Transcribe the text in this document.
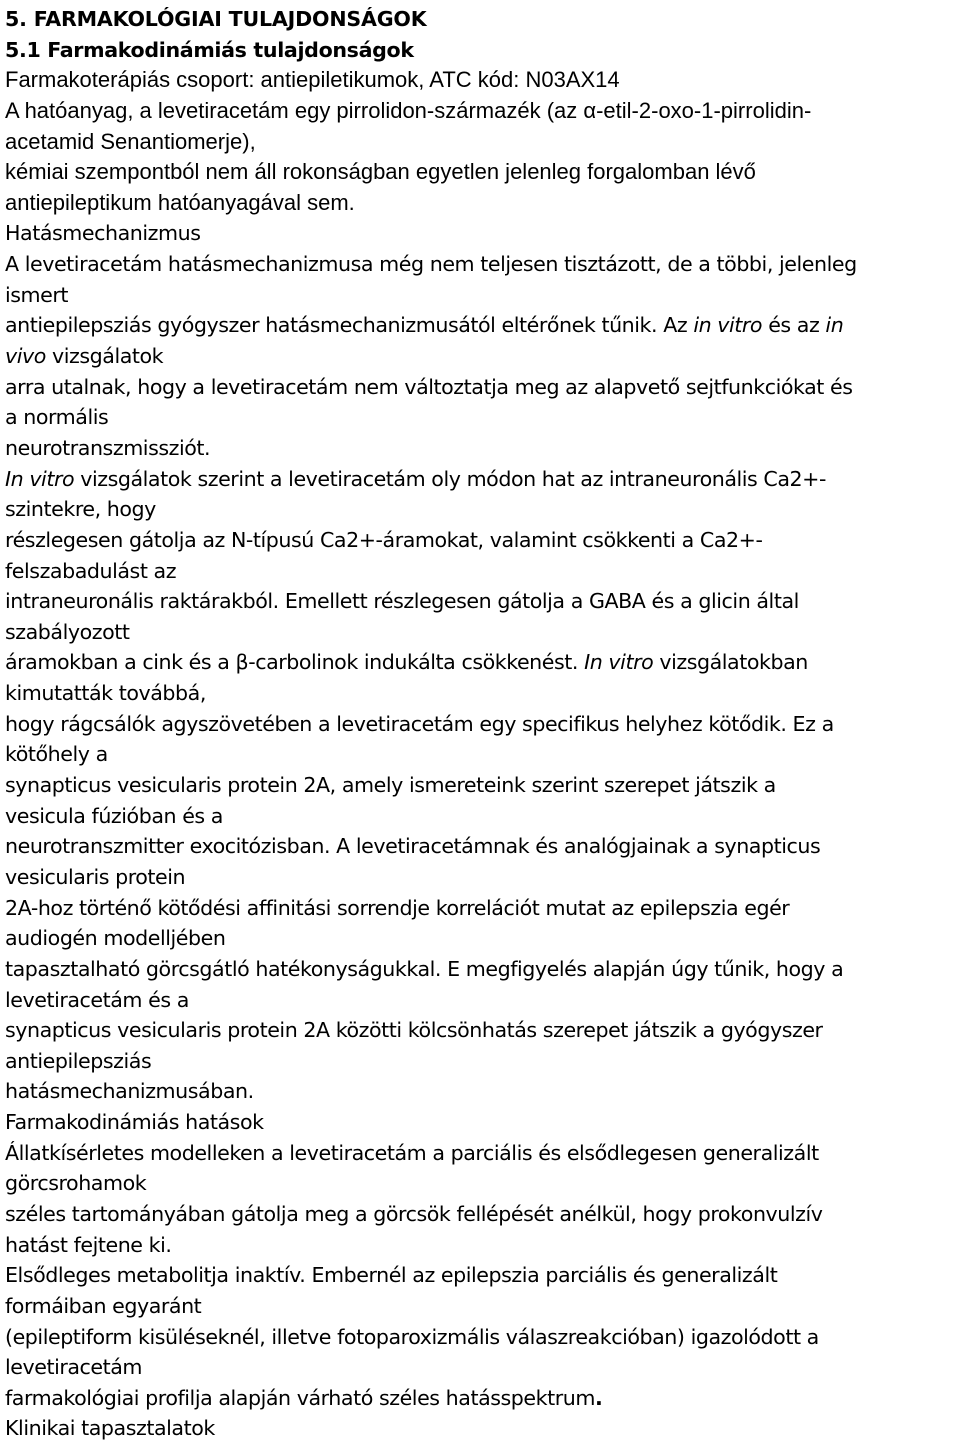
5. FARMAKOLÓGIAI TULAJDONSÁGOK
5.1 Farmakodinámiás tulajdonságok
Farmakoterápiás csoport: antiepiletikumok, ATC kód: N03AX14
A hatóanyag, a levetiracetám egy pirrolidon-származék (az α-etil-2-oxo-1-pirrolidin-
acetamid Senantiomerje),
kémiai szempontból nem áll rokonságban egyetlen jelenleg forgalomban lévő
antiepileptikum hatóanyagával sem.
Hatásmechanizmus
A levetiracetám hatásmechanizmusa még nem teljesen tisztázott, de a többi, jelenleg
ismert
antiepilepsziás gyógyszer hatásmechanizmusától eltérőnek tűnik. Az in vitro és az in
vivo vizsgálatok
arra utalnak, hogy a levetiracetám nem változtatja meg az alapvető sejtfunkciókat és
a normális
neurotranszmissziót.
In vitro vizsgálatok szerint a levetiracetám oly módon hat az intraneuronális Ca2+-
szintekre, hogy
részlegesen gátolja az N-típusú Ca2+-áramokat, valamint csökkenti a Ca2+-
felszabadulást az
intraneuronális raktárakból. Emellett részlegesen gátolja a GABA és a glicin által
szabályozott
áramokban a cink és a β-carbolinok indukálta csökkenést. In vitro vizsgálatokban
kimutatták továbbá,
hogy rágcsálók agyszövetében a levetiracetám egy specifikus helyhez kötődik. Ez a
kötőhely a
synapticus vesicularis protein 2A, amely ismereteink szerint szerepet játszik a
vesicula fúzióban és a
neurotranszmitter exocitózisban. A levetiracetámnak és analógjainak a synapticus
vesicularis protein
2A-hoz történő kötődési affinitási sorrendje korrelációt mutat az epilepszia egér
audiogén modelljében
tapasztalható görcsgátló hatékonyságukkal. E megfigyelés alapján úgy tűnik, hogy a
levetiracetám és a
synapticus vesicularis protein 2A közötti kölcsönhatás szerepet játszik a gyógyszer
antiepilepsziás
hatásmechanizmusában.
Farmakodinámiás hatások
Állatkísérletes modelleken a levetiracetám a parciális és elsődlegesen generalizált
görcsrohamok
széles tartományában gátolja meg a görcsök fellépését anélkül, hogy prokonvulzív
hatást fejtene ki.
Elsődleges metabolitja inaktív. Embernél az epilepszia parciális és generalizált
formáiban egyaránt
(epileptiform kisüléseknél, illetve fotoparoxizmális válaszreakcióban) igazolódott a
levetiracetám
farmakológiai profilja alapján várható széles hatásspektrum.
Klinikai tapasztalatok
